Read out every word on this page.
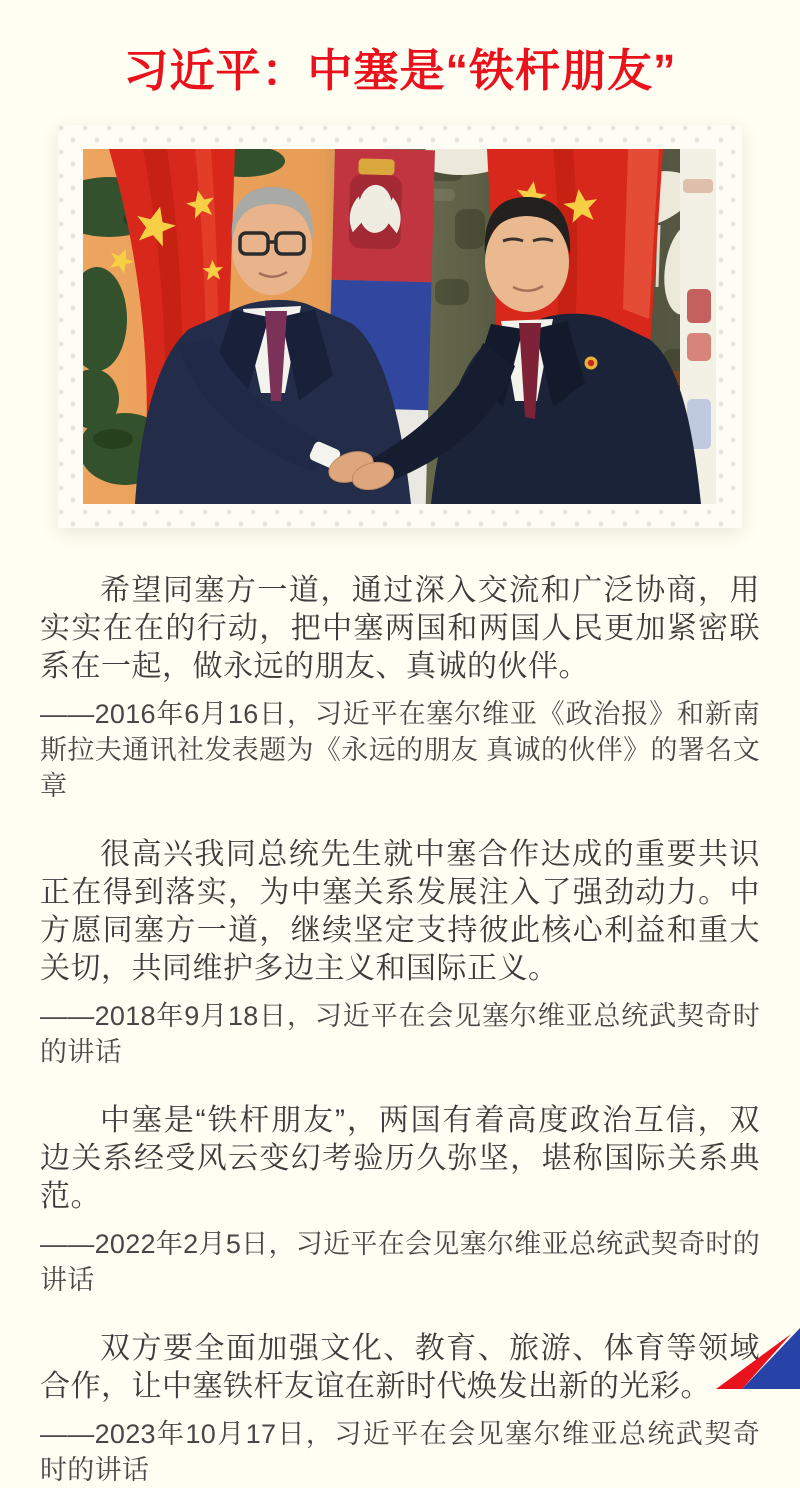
习近平：中塞是“铁杆朋友”

希望同塞方一道，通过深入交流和广泛协商，用实实在在的行动，把中塞两国和两国人民更加紧密联系在一起，做永远的朋友、真诚的伙伴。

——2016年6月16日，习近平在塞尔维亚《政治报》和新南斯拉夫通讯社发表题为《永远的朋友 真诚的伙伴》的署名文章

很高兴我同总统先生就中塞合作达成的重要共识正在得到落实，为中塞关系发展注入了强劲动力。中方愿同塞方一道，继续坚定支持彼此核心利益和重大关切，共同维护多边主义和国际正义。

——2018年9月18日，习近平在会见塞尔维亚总统武契奇时的讲话

中塞是“铁杆朋友”，两国有着高度政治互信，双边关系经受风云变幻考验历久弥坚，堪称国际关系典范。

——2022年2月5日，习近平在会见塞尔维亚总统武契奇时的讲话

双方要全面加强文化、教育、旅游、体育等领域合作，让中塞铁杆友谊在新时代焕发出新的光彩。

——2023年10月17日，习近平在会见塞尔维亚总统武契奇时的讲话
